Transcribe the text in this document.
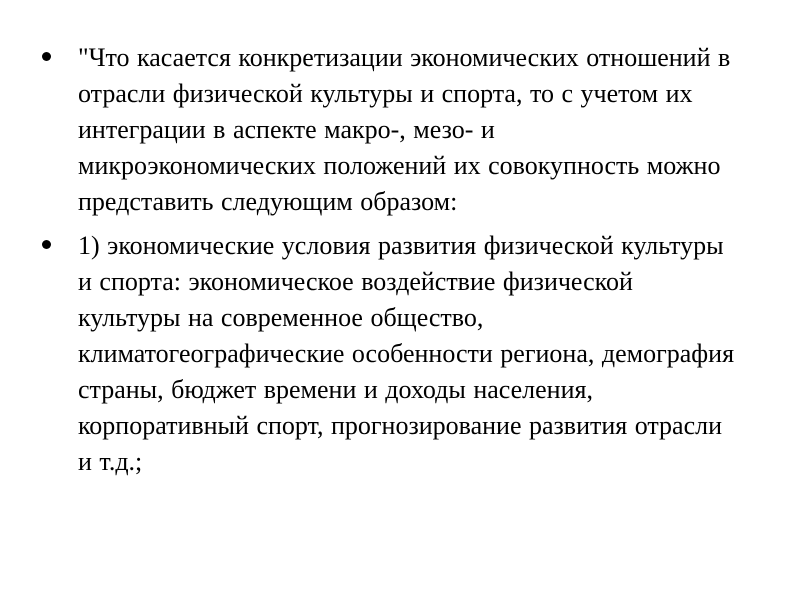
"Что касается конкретизации экономических отношений в отрасли физической культуры и спорта, то с учетом их интеграции в аспекте макро-, мезо- и микроэкономических положений их совокупность можно представить следующим образом:
1) экономические условия развития физической культуры и спорта: экономическое воздействие физической культуры на современное общество, климатогеографические особенности региона, демография страны, бюджет времени и доходы населения, корпоративный спорт, прогнозирование развития отрасли и т.д.;
